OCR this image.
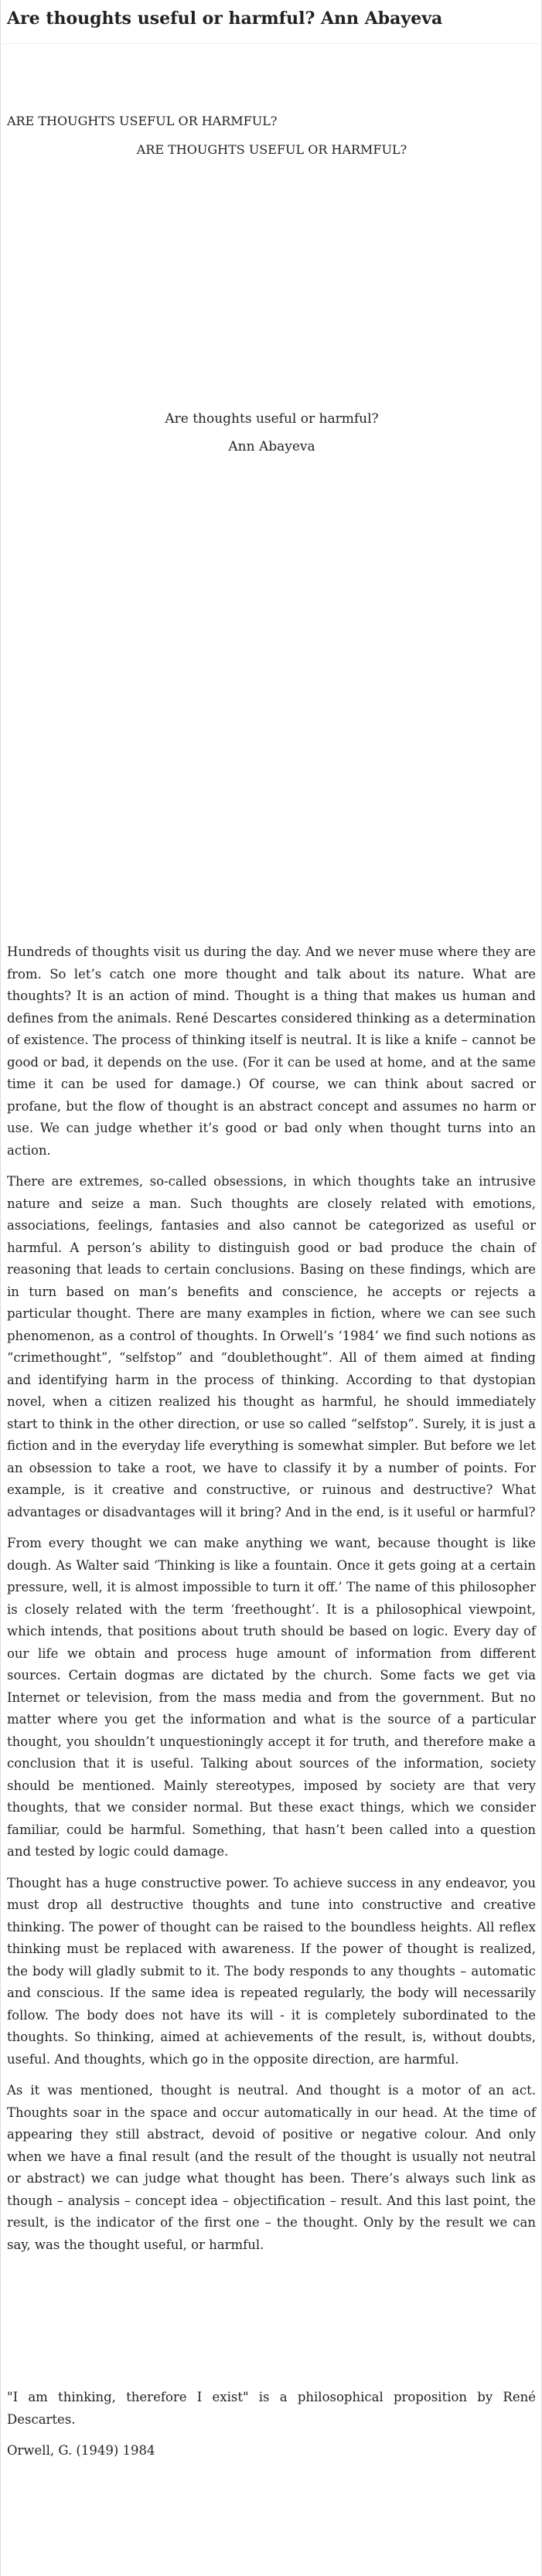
Are thoughts useful or harmful? Ann Abayeva
ARE THOUGHTS USEFUL OR HARMFUL?
ARE THOUGHTS USEFUL OR HARMFUL?

Are thoughts useful or harmful?

Ann Abayeva

Hundreds of thoughts visit us during the day. And we never muse where they are from. So let’s catch one more thought and talk about its nature. What are thoughts? It is an action of mind. Thought is a thing that makes us human and defines from the animals. René Descartes considered thinking as a determination of existence. The process of thinking itself is neutral. It is like a knife – cannot be good or bad, it depends on the use. (For it can be used at home, and at the same time it can be used for damage.) Of course, we can think about sacred or profane, but the flow of thought is an abstract concept and assumes no harm or use. We can judge whether it’s good or bad only when thought turns into an action.

There are extremes, so-called obsessions, in which thoughts take an intrusive nature and seize a man. Such thoughts are closely related with emotions, associations, feelings, fantasies and also cannot be categorized as useful or harmful. A person’s ability to distinguish good or bad produce the chain of reasoning that leads to certain conclusions. Basing on these findings, which are in turn based on man’s benefits and conscience, he accepts or rejects a particular thought. There are many examples in fiction, where we can see such phenomenon, as a control of thoughts. In Orwell’s ‘1984’ we find such notions as “crimethought”, “selfstop” and “doublethought”. All of them aimed at finding and identifying harm in the process of thinking. According to that dystopian novel, when a citizen realized his thought as harmful, he should immediately start to think in the other direction, or use so called “selfstop”. Surely, it is just a fiction and in the everyday life everything is somewhat simpler. But before we let an obsession to take a root, we have to classify it by a number of points. For example, is it creative and constructive, or ruinous and destructive? What advantages or disadvantages will it bring? And in the end, is it useful or harmful?

From every thought we can make anything we want, because thought is like dough. As Walter said ‘Thinking is like a fountain. Once it gets going at a certain pressure, well, it is almost impossible to turn it off.’ The name of this philosopher is closely related with the term ‘freethought’. It is a philosophical viewpoint, which intends, that positions about truth should be based on logic. Every day of our life we obtain and process huge amount of information from different sources. Certain dogmas are dictated by the church. Some facts we get via Internet or television, from the mass media and from the government. But no matter where you get the information and what is the source of a particular thought, you shouldn’t unquestioningly accept it for truth, and therefore make a conclusion that it is useful. Talking about sources of the information, society should be mentioned. Mainly stereotypes, imposed by society are that very thoughts, that we consider normal. But these exact things, which we consider familiar, could be harmful. Something, that hasn’t been called into a question and tested by logic could damage.

Thought has a huge constructive power. To achieve success in any endeavor, you must drop all destructive thoughts and tune into constructive and creative thinking. The power of thought can be raised to the boundless heights. All reflex thinking must be replaced with awareness. If the power of thought is realized, the body will gladly submit to it. The body responds to any thoughts – automatic and conscious. If the same idea is repeated regularly, the body will necessarily follow. The body does not have its will - it is completely subordinated to the thoughts. So thinking, aimed at achievements of the result, is, without doubts, useful. And thoughts, which go in the opposite direction, are harmful.

As it was mentioned, thought is neutral. And thought is a motor of an act. Thoughts soar in the space and occur automatically in our head. At the time of appearing they still abstract, devoid of positive or negative colour. And only when we have a final result (and the result of the thought is usually not neutral or abstract) we can judge what thought has been. There’s always such link as though – analysis – concept idea – objectification – result. And this last point, the result, is the indicator of the first one – the thought. Only by the result we can say, was the thought useful, or harmful.

"I am thinking, therefore I exist" is a philosophical proposition by René Descartes.

Orwell, G. (1949) 1984
